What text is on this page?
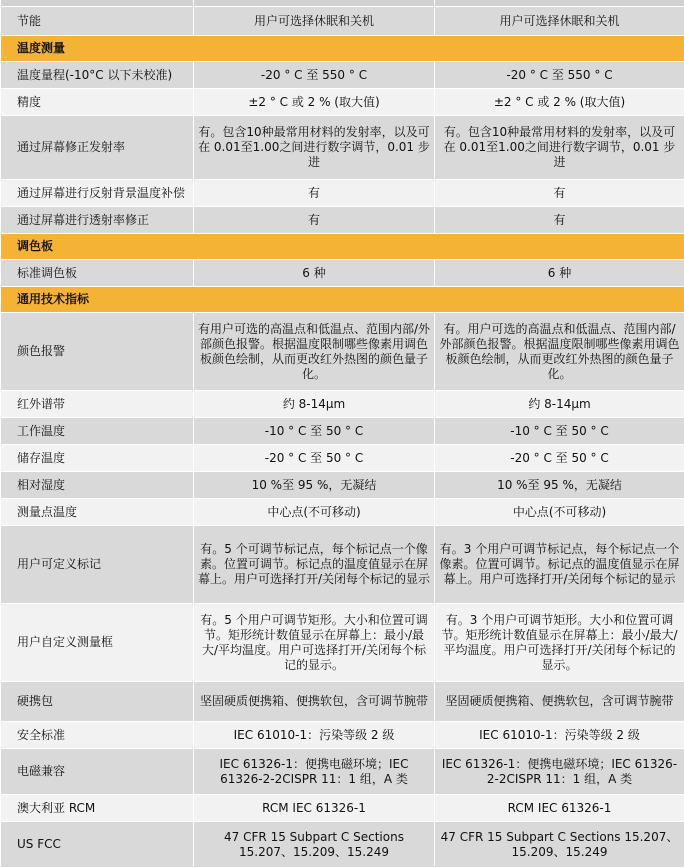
节能	用户可选择休眠和关机	用户可选择休眠和关机
温度测量		
温度量程(-10°C 以下未校准)	-20 ° C 至 550 ° C	-20 ° C 至 550 ° C
精度	±2 ° C 或 2 % (取大值)	±2 ° C 或 2 % (取大值)
通过屏幕修正发射率	有。包含10种最常用材料的发射率，以及可在 0.01至1.00之间进行数字调节，0.01 步进	有。包含10种最常用材料的发射率，以及可在 0.01至1.00之间进行数字调节，0.01 步进
通过屏幕进行反射背景温度补偿	有	有
通过屏幕进行透射率修正	有	有
调色板		
标准调色板	6 种	6 种
通用技术指标		
颜色报警	有用户可选的高温点和低温点、范围内部/外部颜色报警。根据温度限制哪些像素用调色板颜色绘制，从而更改红外热图的颜色量子化。	有。用户可选的高温点和低温点、范围内部/外部颜色报警。根据温度限制哪些像素用调色板颜色绘制，从而更改红外热图的颜色量子化。
红外谱带	约 8-14μm	约 8-14μm
工作温度	-10 ° C 至 50 ° C	-10 ° C 至 50 ° C
储存温度	-20 ° C 至 50 ° C	-20 ° C 至 50 ° C
相对湿度	10 %至 95 %，无凝结	10 %至 95 %，无凝结
测量点温度	中心点(不可移动)	中心点(不可移动)
用户可定义标记	有。5 个可调节标记点，每个标记点一个像素。位置可调节。标记点的温度值显示在屏幕上。用户可选择打开/关闭每个标记的显示	有。3 个用户可调节标记点，每个标记点一个像素。位置可调节。标记点的温度值显示在屏幕上。用户可选择打开/关闭每个标记的显示
用户自定义测量框	有。5 个用户可调节矩形。大小和位置可调节。矩形统计数值显示在屏幕上：最小/最大/平均温度。用户可选择打开/关闭每个标记的显示。	有。3 个用户可调节矩形。大小和位置可调节。矩形统计数值显示在屏幕上：最小/最大/平均温度。用户可选择打开/关闭每个标记的显示。
硬携包	坚固硬质便携箱、便携软包，含可调节腕带	坚固硬质便携箱、便携软包，含可调节腕带
安全标准	IEC 61010-1：污染等级 2 级	IEC 61010-1：污染等级 2 级
电磁兼容	IEC 61326-1：便携电磁环境；IEC 61326-2-2CISPR 11：1 组，A 类	IEC 61326-1：便携电磁环境；IEC 61326-2-2CISPR 11：1 组，A 类
澳大利亚 RCM	RCM IEC 61326-1	RCM IEC 61326-1
US FCC	47 CFR 15 Subpart C Sections 15.207、15.209、15.249	47 CFR 15 Subpart C Sections 15.207、15.209、15.249
